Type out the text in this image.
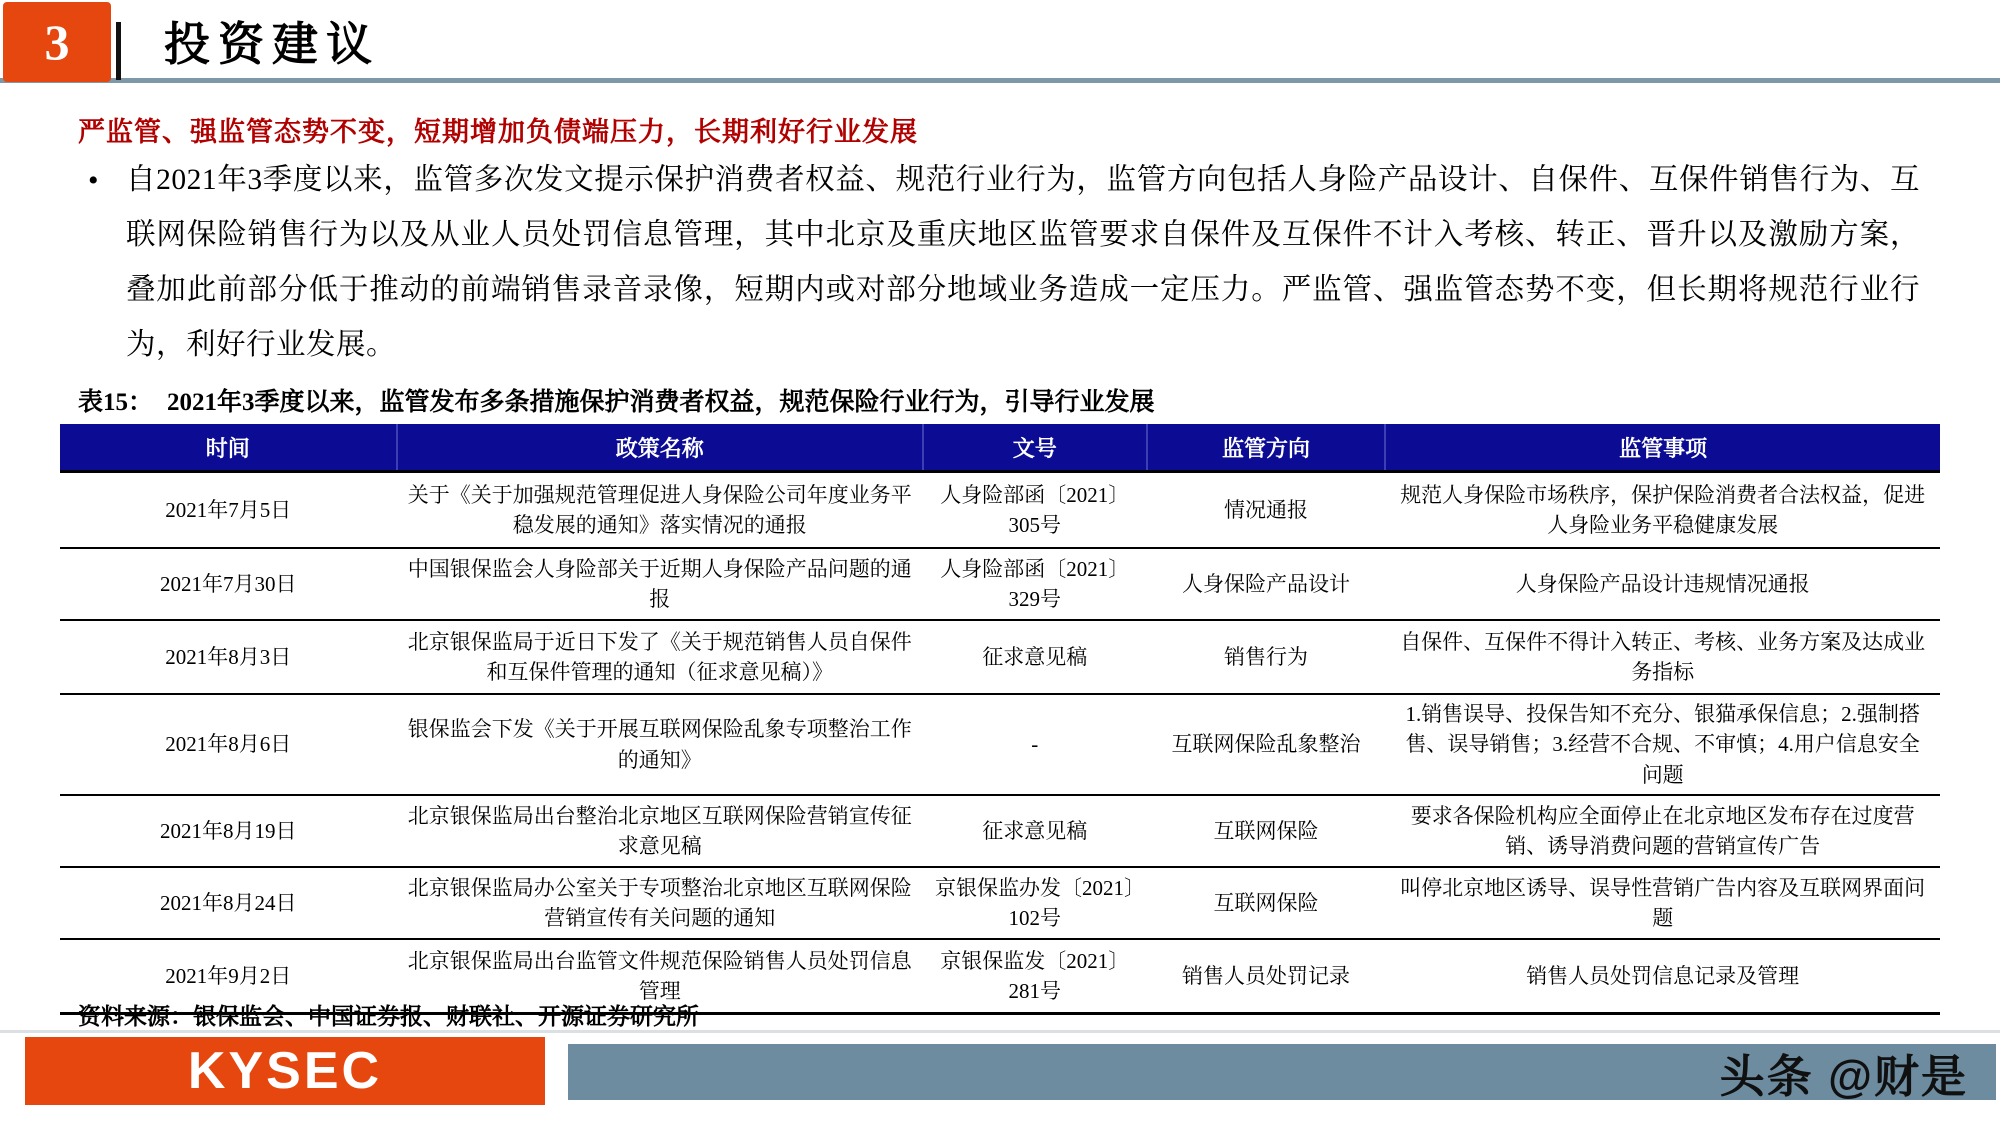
3 投资建议
严监管、强监管态势不变，短期增加负债端压力，长期利好行业发展
• 自2021年3季度以来，监管多次发文提示保护消费者权益、规范行业行为，监管方向包括人身险产品设计、自保件、互保件销售行为、互联网保险销售行为以及从业人员处罚信息管理，其中北京及重庆地区监管要求自保件及互保件不计入考核、转正、晋升以及激励方案，叠加此前部分低于推动的前端销售录音录像，短期内或对部分地域业务造成一定压力。严监管、强监管态势不变，但长期将规范行业行为，利好行业发展。

表15： 2021年3季度以来，监管发布多条措施保护消费者权益，规范保险行业行为，引导行业发展
时间	政策名称	文号	监管方向	监管事项
2021年7月5日	关于《关于加强规范管理促进人身保险公司年度业务平稳发展的通知》落实情况的通报	人身险部函〔2021〕305号	情况通报	规范人身保险市场秩序，保护保险消费者合法权益，促进人身险业务平稳健康发展
2021年7月30日	中国银保监会人身险部关于近期人身保险产品问题的通报	人身险部函〔2021〕329号	人身保险产品设计	人身保险产品设计违规情况通报
2021年8月3日	北京银保监局于近日下发了《关于规范销售人员自保件和互保件管理的通知（征求意见稿）》	征求意见稿	销售行为	自保件、互保件不得计入转正、考核、业务方案及达成业务指标
2021年8月6日	银保监会下发《关于开展互联网保险乱象专项整治工作的通知》	-	互联网保险乱象整治	1.销售误导、投保告知不充分、银猫承保信息；2.强制搭售、误导销售；3.经营不合规、不审慎；4.用户信息安全问题
2021年8月19日	北京银保监局出台整治北京地区互联网保险营销宣传征求意见稿	征求意见稿	互联网保险	要求各保险机构应全面停止在北京地区发布存在过度营销、诱导消费问题的营销宣传广告
2021年8月24日	北京银保监局办公室关于专项整治北京地区互联网保险营销宣传有关问题的通知	京银保监办发〔2021〕102号	互联网保险	叫停北京地区诱导、误导性营销广告内容及互联网界面问题
2021年9月2日	北京银保监局出台监管文件规范保险销售人员处罚信息管理	京银保监发〔2021〕281号	销售人员处罚记录	销售人员处罚信息记录及管理
资料来源：银保监会、中国证券报、财联社、开源证券研究所
KYSEC	头条 @财是
